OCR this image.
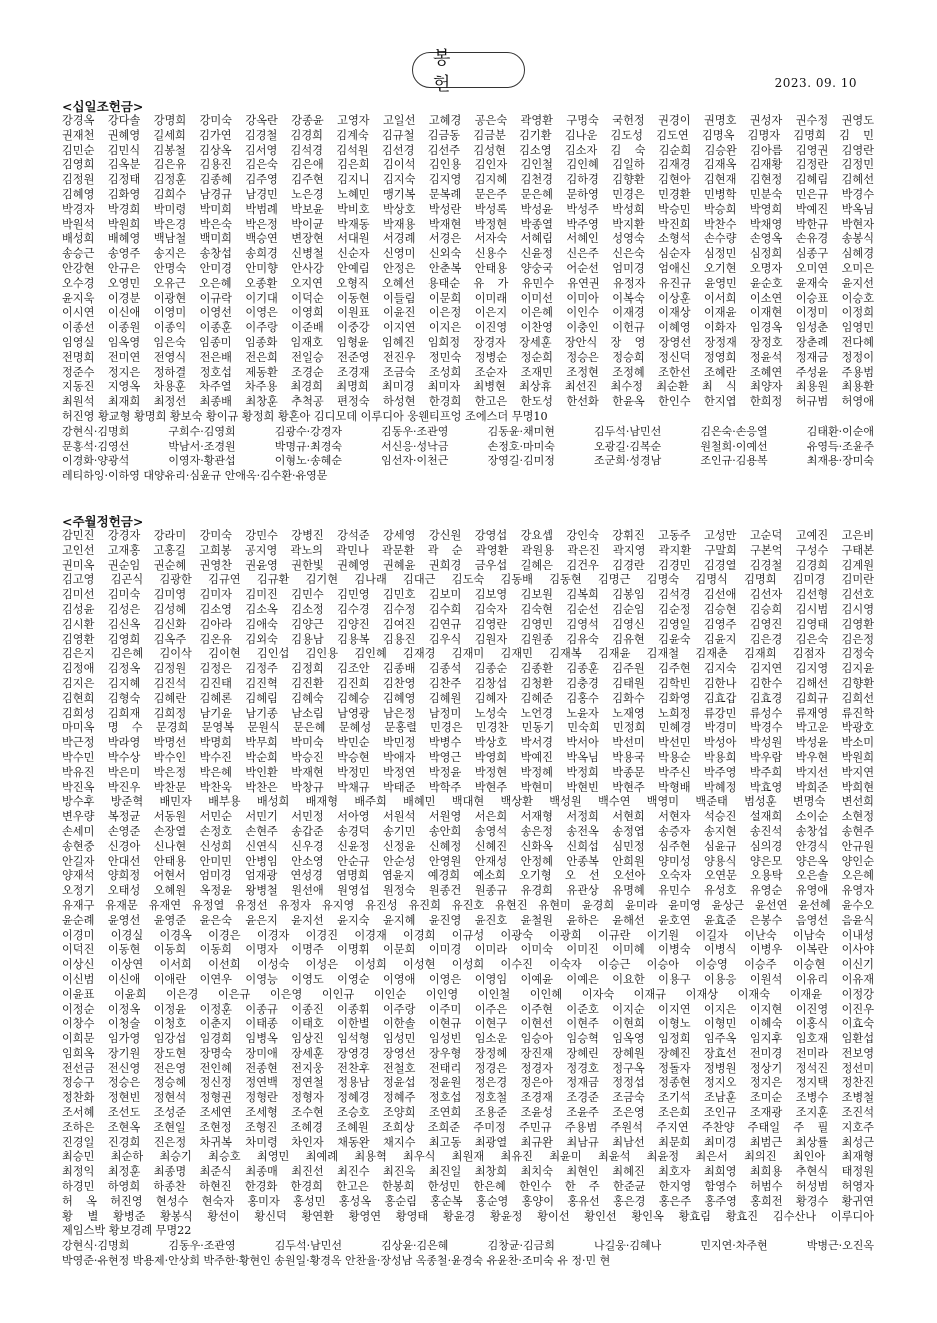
봉 헌	2023. 09. 10
<십일조헌금>
강경옥 강다솔 강명희 강미숙 강옥란 강종윤 고영자 고일선 고혜경 공은숙 곽영환 구명숙 국헌정 권경이 권명호 권성자 권수정 권영도
권재천 권혜영 길세희 김가연 김경철 김경희 김계숙 김규철 김금동 김금분 김기환 김나운 김도성 김도연 김명옥 김명자 김명희 김 민
김민순 김민식 김봉철 김상옥 김서영 김석경 김석원 김선경 김선주 김성현 김소영 김소자 김 숙 김순희 김승완 김아름 김영권 김영란
김영희 김옥분 김은유 김용진 김은숙 김은애 김은희 김이석 김인용 김인자 김인철 김인혜 김일하 김재경 김재옥 김재황 김정란 김정민
김정원 김정태 김정훈 김종혜 김주영 김주현 김지니 김지숙 김지영 김지혜 김천경 김하경 김향환 김현아 김현재 김현정 김혜림 김혜선
김혜영 김화영 김희수 남경규 남경민 노은경 노혜민 맹기복 문복례 문은주 문은혜 문하영 민경은 민경환 민병학 민분숙 민은규 박경수
박경자 박경희 박미령 박미희 박범례 박보윤 박비호 박상호 박성란 박성록 박성윤 박성주 박성희 박승민 박승희 박영희 박예진 박옥님
박원석 박원희 박은경 박은숙 박은정 박이균 박재동 박재용 박재현 박정현 박종열 박주영 박지환 박진희 박찬수 박채영 박한규 박현자
배성희 배혜영 백남철 백미희 백승연 변장현 서대원 서경례 서경은 서자숙 서혜림 서혜인 성영숙 소형석 손수량 손영옥 손유경 송봉식
송승근 송영주 송지은 송창섭 송희경 신병철 신순자 신영미 신외숙 신용수 신윤정 신은주 신은숙 심순자 심정민 심정희 심종구 심혜경
안강현 안규은 안명숙 안미경 안미향 안사강 안예림 안정은 안춘복 안태용 양숭국 어순선 엄미경 엄애신 오기현 오명자 오미연 오미은
오수경 오영민 오유근 오은혜 오종환 오지연 오형직 오혜선 용태순 유 가 유민수 유연권 유정자 유진규 윤영민 윤순호 윤재숙 윤지선
윤지욱 이경분 이광현 이규락 이기대 이덕순 이동현 이들림 이문희 이미래 이미선 이미아 이복숙 이상훈 이서희 이소연 이승표 이승호
이시연 이신애 이영미 이영선 이영은 이영희 이원표 이윤진 이은정 이은지 이은혜 이인수 이재경 이재상 이재윤 이재현 이정미 이정희
이종선 이종원 이종익 이종훈 이주랑 이준배 이중강 이지연 이지은 이진영 이찬영 이충인 이헌규 이혜영 이화자 임경옥 임성춘 임영민
임영실 임옥영 임은숙 임종미 임종화 임재호 임형윤 임혜진 임희정 장경자 장세훈 장안식 장 영 장영선 장정재 장정호 장춘례 전다혜
전명희 전미연 전영식 전은배 전은희 전일승 전준영 전진우 정민숙 정병순 정순희 정승은 정승희 정신덕 정영희 정윤석 정재금 정정이
정준수 정지은 정하결 정호섭 제동환 조경순 조경재 조금숙 조성희 조순자 조재민 조정현 조정혜 조한선 조혜란 조혜연 주성윤 주용범
지동진 지영옥 차용훈 차주열 차주용 최경희 최명희 최미경 최미자 최병현 최상휴 최선진 최수정 최순환 최 식 최양자 최용원 최용환
최원석 최재희 최정선 최종배 최창훈 추척공 편정숙 하성현 한경희 한고은 한도성 한선화 한윤옥 한인수 한지엽 한희정 허규범 허영애
허진영 황교형 황명희 황보숙 황이규 황정희 황혼아 김디모데 이루디아 웅웬티프엉 조에스더 무명10
강현식·김명희 구희수·김영희 김광수·강경자 김동우·조관영 김동윤·채미현 김두석·남민선 김은숙·손응열 김태환·이순애
문홍석·김영선 박남서·조경원 박명규·최경숙 서신응·성낙금 손정호·마미숙 오광길·김복순 원철희·이예선 유영득·조윤주
이경화·양광석 이영자·황관섭 이형노·송혜순 임선자·이천근 장영길·김미정 조군희·성경남 조인규·김용복 최재용·장미숙
레티하잉·이하영 대양유리·심윤규 안애옥·김수환·유영문
<주월정헌금>
감민진 강경자 강라미 강미숙 강민수 강병진 강석준 강세영 강신원 강영섭 강요셉 강인숙 강휘진 고동주 고성만 고순덕 고예진 고은비
고인선 고재홍 고홍길 고희봉 공지영 곽노의 곽민나 곽문환 곽 순 곽영환 곽원용 곽은진 곽지영 곽지환 구말희 구본억 구성수 구태본
권미옥 권순임 권순혜 권영찬 권윤영 권한빛 권혜영 권혜윤 권희경 금우섭 길혜은 김건우 김경란 김경민 김경열 김경철 김경희 김계원
김고영 김곤식 김광한 김규연 김규환 김기현 김나래 김대근 김도숙 김동배 김동현 김명근 김명숙 김명식 김명희 김미경 김미란
김미선 김미숙 김미영 김미자 김미진 김민수 김민영 김민호 김보미 김보영 김보원 김복희 김봉임 김석경 김선애 김선자 김선형 김선호
김성윤 김성은 김성혜 김소영 김소옥 김소정 김수경 김수정 김수희 김숙자 김숙현 김순선 김순임 김순정 김승현 김승희 김시범 김시영
김시환 김신옥 김신화 김아라 김애숙 김양근 김양진 김여진 김연규 김영란 김영민 김영석 김영신 김영일 김영주 김영진 김영태 김영환
김영환 김영희 김옥주 김온유 김외숙 김용남 김용복 김용진 김우식 김원자 김원종 김유숙 김유현 김윤숙 김윤지 김은경 김은숙 김은정
김은지 김은혜 김이삭 김이현 김인섭 김인용 김인혜 김재경 김재미 김재민 김재복 김재윤 김재철 김재춘 김재희 김점자 김정숙
김정애 김정옥 김정원 김정은 김정주 김정희 김조안 김종배 김종석 김종순 김종환 김종훈 김주원 김주현 김지숙 김지연 김지영 김지윤
김지은 김지혜 김진석 김진태 김진혁 김진환 김진희 김찬영 김찬주 김창섭 김청환 김충경 김태원 김학빈 김한나 김한수 김해선 김향환
김현희 김형숙 김혜란 김혜론 김혜림 김혜숙 김혜승 김혜영 김혜원 김혜자 김혜준 김홍수 김화수 김화영 김효갑 김효경 김희규 김희선
김희성 김희재 김희정 남기윤 남기종 남소림 남영광 남은정 남정미 노성숙 노언경 노윤자 노재영 노희정 류강민 류성수 류재영 류진학
마미옥 명 수 문경희 문영복 문원식 문은혜 문혜성 문홍렬 민경은 민경찬 민동기 민숙희 민정희 민혜경 박경미 박경수 박고운 박광호
박근정 박라영 박명선 박명희 박무희 박미숙 박민순 박민정 박병수 박상호 박서경 박서아 박선미 박선민 박성아 박성원 박성윤 박소미
박수민 박수상 박수인 박수진 박순희 박승진 박승현 박애자 박영근 박영희 박예진 박옥님 박용국 박용순 박용희 박우람 박우현 박원희
박유진 박은미 박은정 박은혜 박인환 박재현 박정민 박정연 박정윤 박정현 박정혜 박정희 박종문 박주신 박주영 박주희 박지선 박지연
박진옥 박진우 박찬문 박찬욱 박찬은 박창규 박채규 박태준 박학주 박현주 박현미 박현빈 박현주 박형배 박혜정 박효영 박희준 박희현
방수후 방준혁 배민자 배부용 배성희 배재형 배주희 배혜민 백대현 백상환 백성원 백수연 백영미 백준태 범성훈 변명숙 변선희
변우량 복정균 서동원 서민순 서민기 서민정 서아영 서원석 서원영 서은희 서재형 서정희 서현희 서현자 석승진 설재희 소이순 소현정
손세미 손영준 손장열 손정호 손현주 송갑준 송경덕 송기민 송안희 송영석 송은정 송전옥 송정엽 송증자 송지현 송진석 송창섭 송현주
송현중 신경아 신나현 신성희 신연식 신우경 신윤정 신정윤 신혜정 신혜진 신화옥 신희섭 심민정 심주현 심윤규 심의경 안경식 안규원
안길자 안대선 안태용 안미민 안병임 안소영 안순규 안순성 안영원 안재성 안정혜 안종복 안희원 양미성 양용식 양은모 양은옥 양인순
양재석 양희정 어현서 엄미경 엄재광 연성경 염명희 염윤지 예경희 예소희 오기형 오 선 오선아 오숙자 오연문 오용탁 오은솔 오은혜
오정기 오태성 오혜원 옥정윤 왕병철 원선애 원영섭 원정숙 원종건 원종규 유경희 유관상 유명혜 유민수 유성호 유영순 유영애 유영자
유재구 유재문 유재연 유정열 유정선 유정자 유지영 유진성 유진희 유진호 유현진 유현미 윤경희 윤미라 윤미영 윤상근 윤선연 윤선혜 윤수오
윤순례 윤영선 윤영준 윤은숙 윤은지 윤지선 윤지숙 윤지혜 윤진영 윤진호 윤철원 윤하은 윤해선 윤호연 윤효준 은봉수 음영선 음윤식
이경미 이경실 이경옥 이경은 이경자 이경진 이경재 이경희 이규성 이광숙 이광희 이규란 이기원 이길자 이난숙 이남숙 이내성
이덕진 이동현 이동희 이동희 이명자 이명주 이명휘 이문희 이미경 이미라 이미숙 이미진 이미혜 이병숙 이병식 이병우 이복란 이사야
이상신 이상연 이서희 이선희 이성숙 이성은 이성희 이성현 이성희 이수진 이숙자 이승근 이승아 이승영 이승주 이승현 이신기
이신범 이신애 이애란 이연우 이영능 이영도 이영순 이영애 이영은 이영임 이예윤 이예은 이요한 이용구 이용응 이원석 이유리 이유재
이윤표 이윤희 이은경 이은규 이은영 이인규 이인순 이인영 이인철 이인혜 이자숙 이재규 이재상 이재숙 이재윤 이정강
이정순 이정옥 이정윤 이정훈 이종규 이종진 이종휘 이주랑 이주미 이주은 이주현 이준호 이지순 이지연 이지은 이지현 이진영 이진우
이창수 이청술 이청호 이춘지 이태종 이태호 이한별 이한솔 이현규 이현구 이현선 이현주 이현희 이형노 이형민 이혜숙 이홍식 이효숙
이희문 임가영 임강섭 임경희 임병옥 임상진 임석형 임성민 임성빈 임소운 임승아 임승혁 임옥영 임정희 임주옥 임지후 임호재 임환섭
임희옥 장기원 장도현 장명숙 장미애 장세훈 장영경 장영선 장우형 장정혜 장진재 장혜린 장혜원 장혜진 장효선 전미경 전미라 전보영
전선금 전신영 전은영 전인혜 전종현 전지웅 전찬후 전철호 전태리 정경은 정경자 정경호 정구옥 정돌자 정병원 정상기 정석진 정선미
정승구 정승은 정승혜 정신정 정연백 정연철 정용남 정윤섭 정윤원 정은경 정은아 정재금 정정섭 정종현 정지오 정지은 정지택 정찬진
정찬화 정현빈 정현석 정형권 정형란 정형자 정혜경 정혜주 정호섭 정호철 조경재 조경준 조금숙 조기석 조남훈 조미순 조병수 조병철
조서혜 조선도 조성준 조세연 조세형 조수현 조승호 조양희 조연희 조용준 조윤성 조윤주 조은영 조은희 조인규 조재광 조지훈 조진석
조하은 조현옥 조현일 조현정 조형진 조혜경 조혜원 조희상 조희준 주미정 주민규 주용범 주원석 주지연 주찬양 주태일 주 필 지호주
진경일 진경희 진은정 차귀복 차미령 차인자 채동완 채지수 최고동 최광열 최규완 최남규 최남선 최문희 최미경 최범근 최상률 최성근
최승민 최순하 최승기 최승호 최영민 최예례 최용혁 최우식 최원재 최유진 최윤미 최윤석 최윤정 최은서 최의진 최인아 최재형
최정익 최정훈 최종명 최준식 최종매 최진선 최진수 최진욱 최진일 최창희 최치숙 최현인 최혜진 최호자 최희영 최희용 추현식 태정원
하경민 하영희 하종찬 하현진 한경화 한경희 한고은 한봉희 한성민 한은혜 한인수 한 주 한준균 한지영 함영수 허범수 허성범 허영자
허 옥 허진영 현성수 현숙자 홍미자 홍성민 홍성옥 홍순림 홍순복 홍순영 홍양이 홍유선 홍은경 홍은주 홍주영 홍희전 황경수 황귀연
황 별 황병준 황봉식 황선이 황신덕 황연환 황영연 황영태 황윤경 황윤정 황이선 황인선 황인옥 황효림 황효진 김수산나 이루디아
제임스박 황보경례 무명22
강현식·김명희 김동우·조관영 김두석·남민선 김상윤·김은혜 김창균·김금희 나길웅·김혜나 민지연·차주현 박병근·오진옥
박영준·유현정 박용제·안상희 박주한·황현인 송원일·황경옥 안찬율·장성남 옥종철·윤경숙 유윤찬·조미숙 유 정·민 현
